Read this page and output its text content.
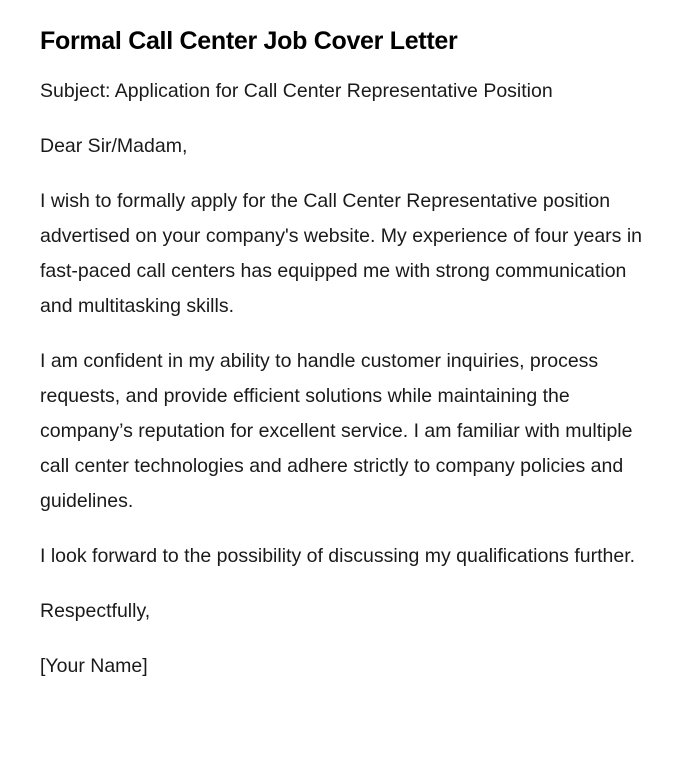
Formal Call Center Job Cover Letter

Subject: Application for Call Center Representative Position

Dear Sir/Madam,

I wish to formally apply for the Call Center Representative position advertised on your company's website. My experience of four years in fast-paced call centers has equipped me with strong communication and multitasking skills.

I am confident in my ability to handle customer inquiries, process requests, and provide efficient solutions while maintaining the company’s reputation for excellent service. I am familiar with multiple call center technologies and adhere strictly to company policies and guidelines.

I look forward to the possibility of discussing my qualifications further.

Respectfully,

[Your Name]
